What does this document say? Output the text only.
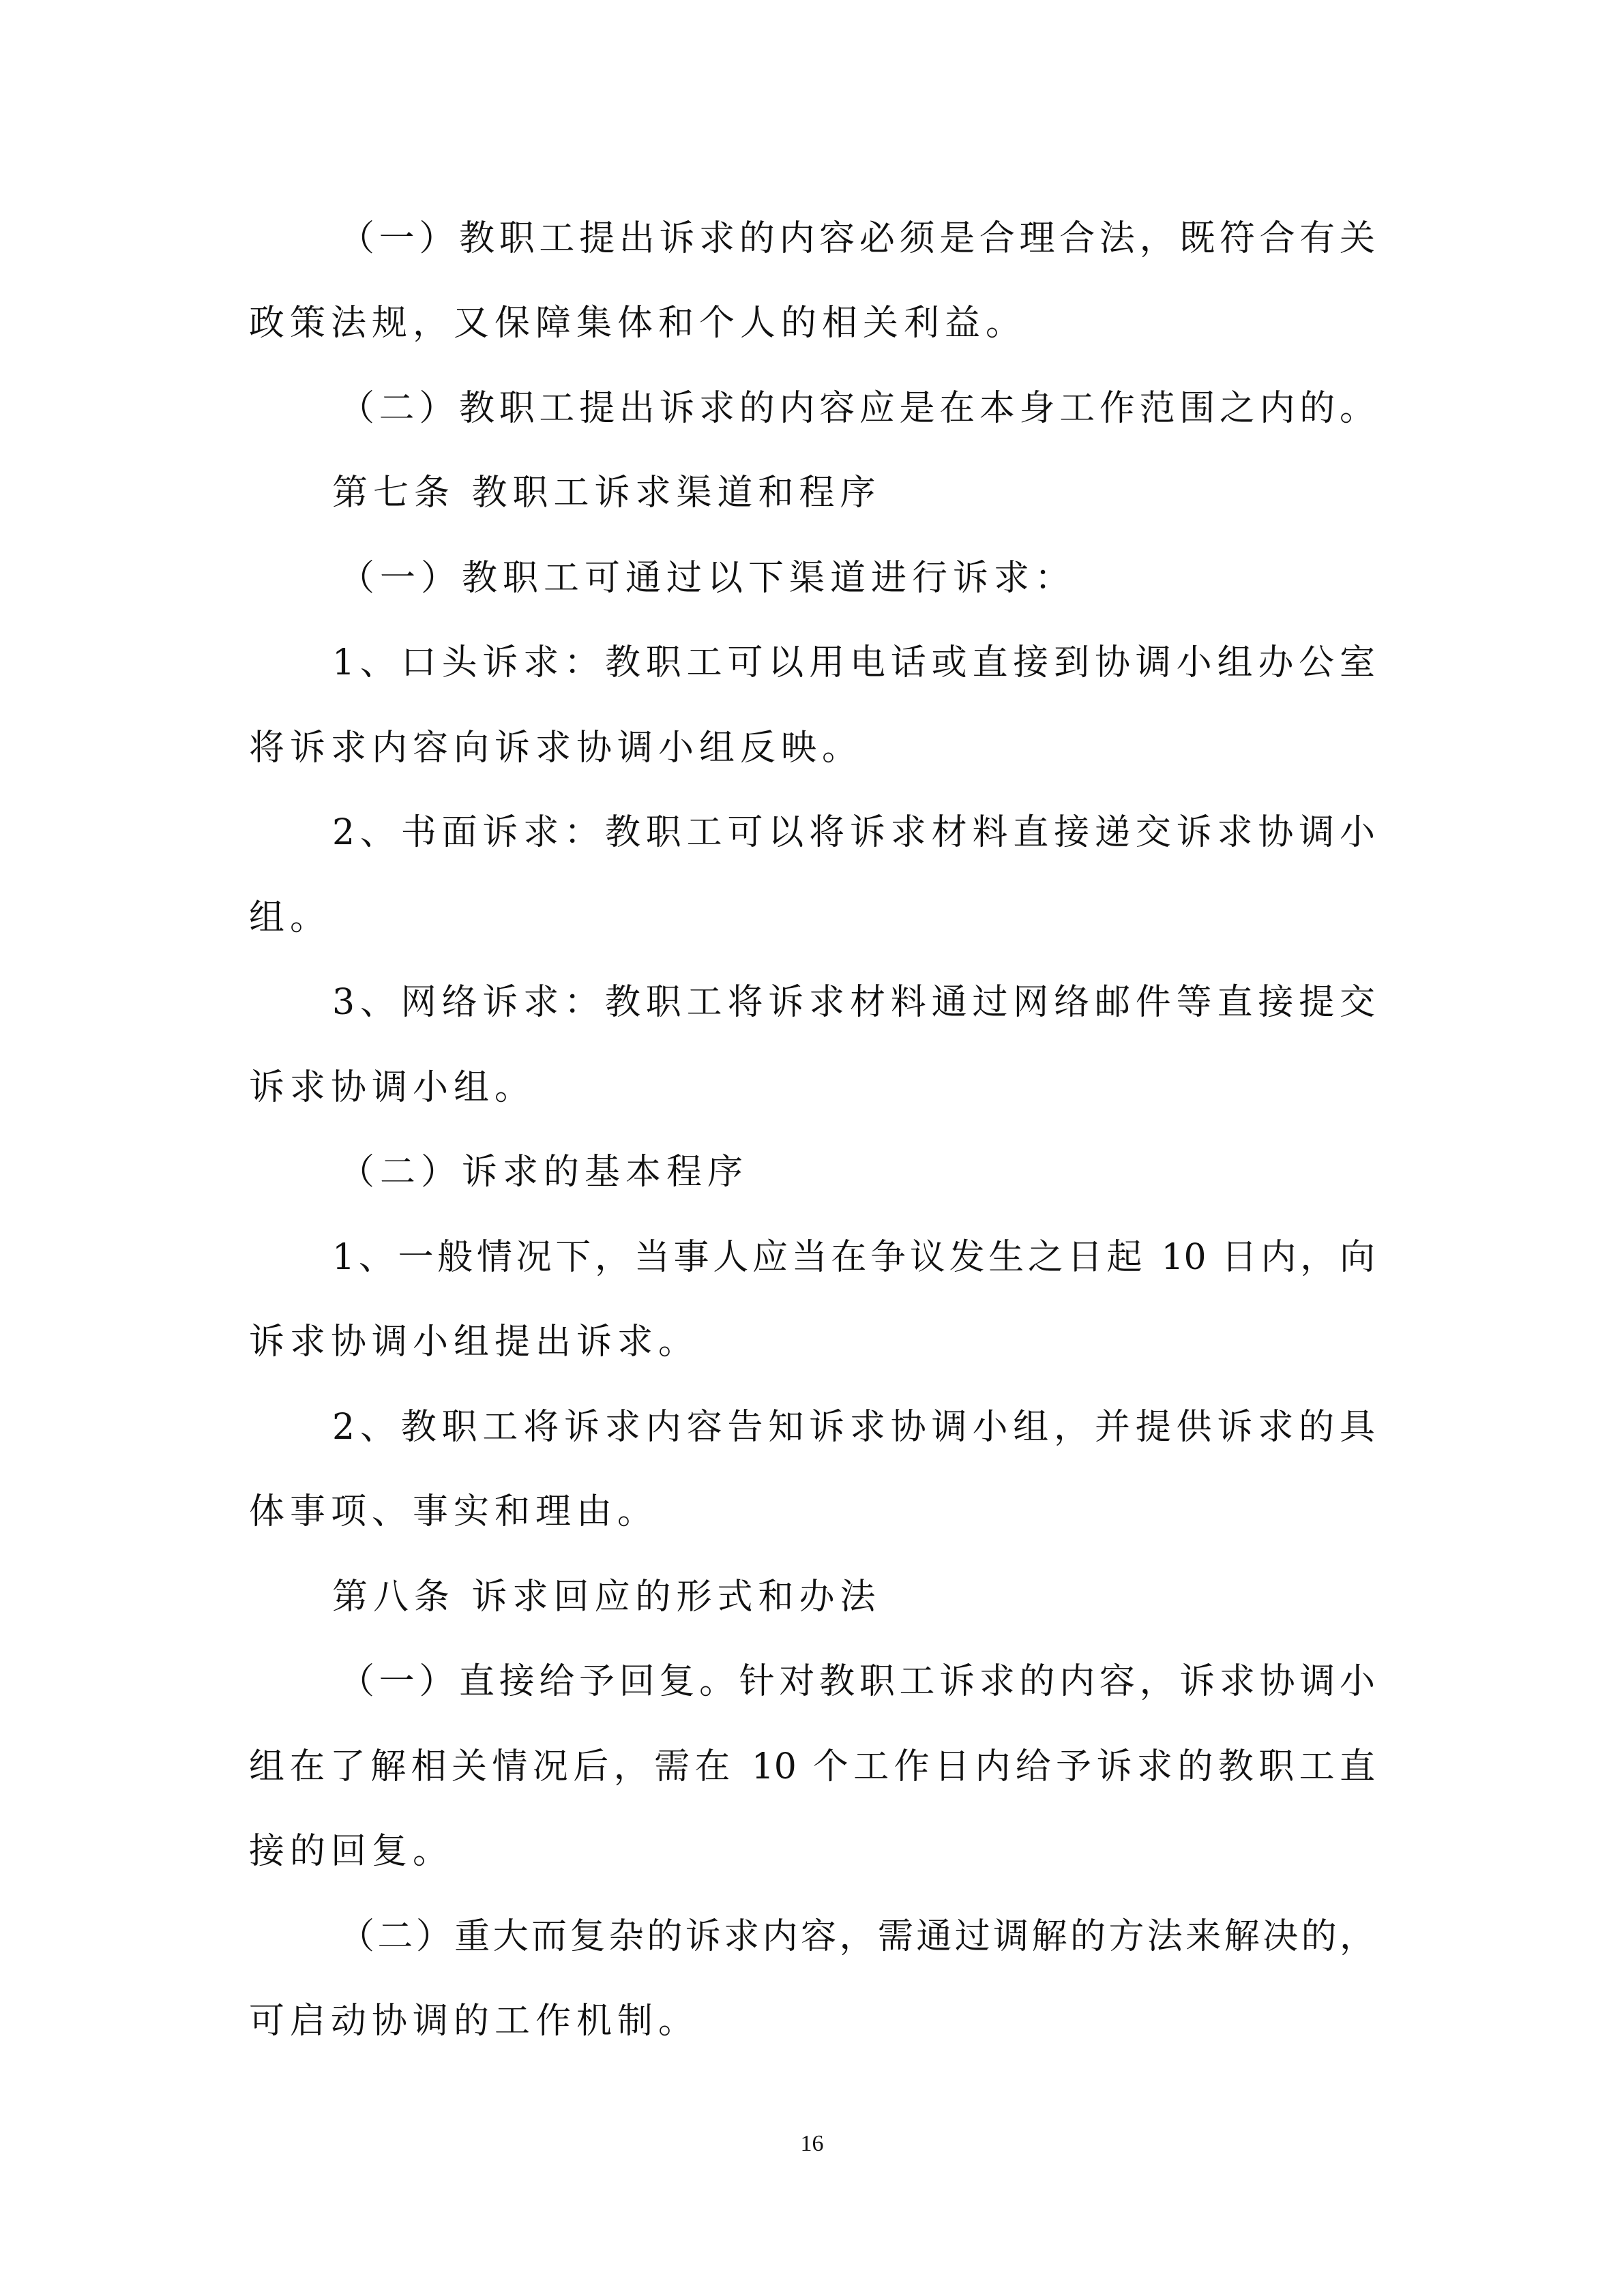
（一）教职工提出诉求的内容必须是合理合法，既符合有关
政策法规，又保障集体和个人的相关利益。
（二）教职工提出诉求的内容应是在本身工作范围之内的。
第七条 教职工诉求渠道和程序
（一）教职工可通过以下渠道进行诉求：
1、口头诉求：教职工可以用电话或直接到协调小组办公室
将诉求内容向诉求协调小组反映。
2、书面诉求：教职工可以将诉求材料直接递交诉求协调小
组。
3、网络诉求：教职工将诉求材料通过网络邮件等直接提交
诉求协调小组。
（二）诉求的基本程序
1、一般情况下，当事人应当在争议发生之日起 10 日内，向
诉求协调小组提出诉求。
2、教职工将诉求内容告知诉求协调小组，并提供诉求的具
体事项、事实和理由。
第八条 诉求回应的形式和办法
（一）直接给予回复。针对教职工诉求的内容，诉求协调小
组在了解相关情况后，需在 10 个工作日内给予诉求的教职工直
接的回复。
（二）重大而复杂的诉求内容，需通过调解的方法来解决的，
可启动协调的工作机制。
16
